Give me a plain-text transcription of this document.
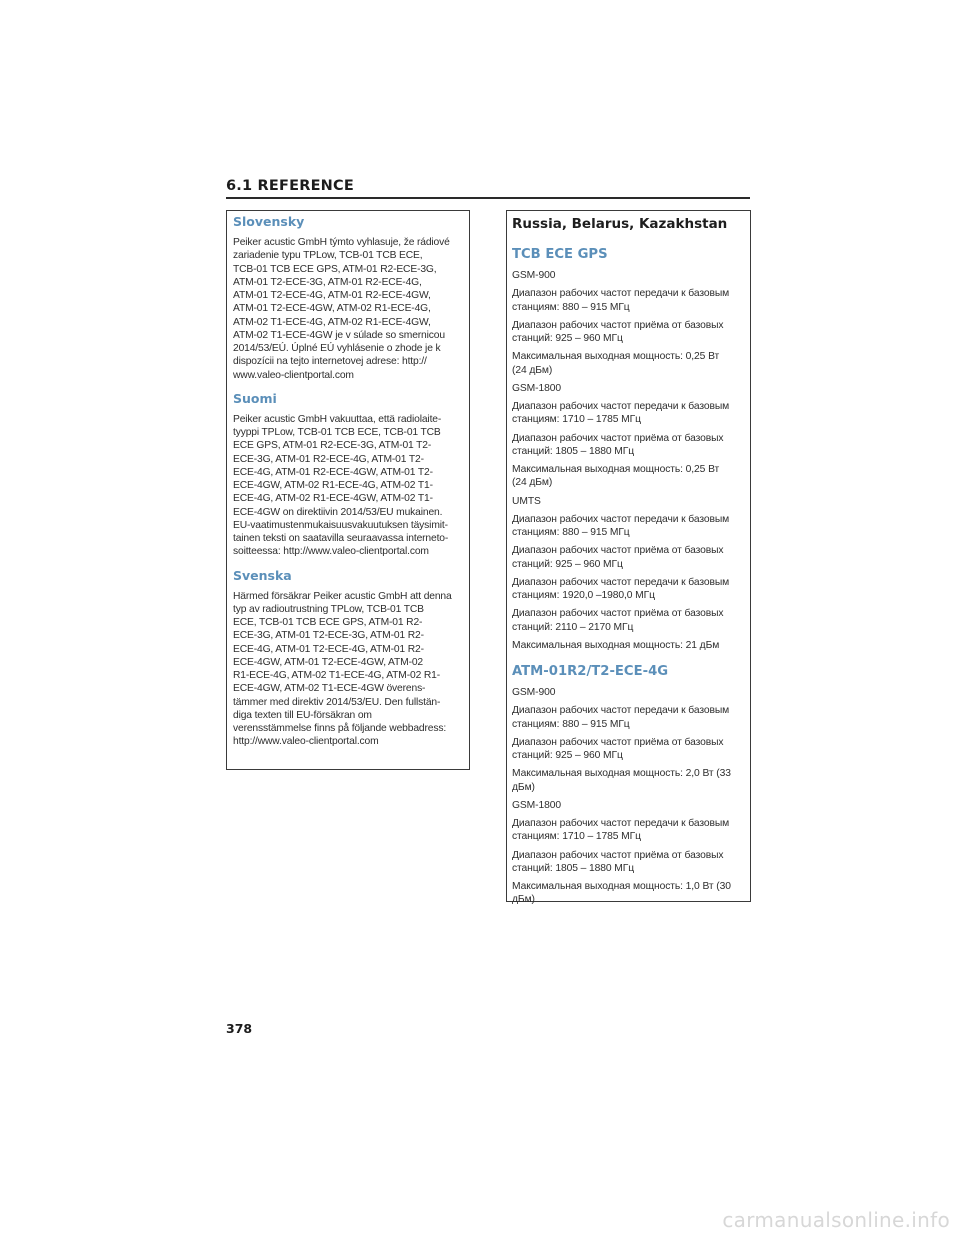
6.1 REFERENCE
Slovensky

Peiker acustic GmbH týmto vyhlasuje, že rádiové
zariadenie typu TPLow, TCB-01 TCB ECE,
TCB-01 TCB ECE GPS, ATM-01 R2-ECE-3G,
ATM-01 T2-ECE-3G, ATM-01 R2-ECE-4G,
ATM-01 T2-ECE-4G, ATM-01 R2-ECE-4GW,
ATM-01 T2-ECE-4GW, ATM-02 R1-ECE-4G,
ATM-02 T1-ECE-4G, ATM-02 R1-ECE-4GW,
ATM-02 T1-ECE-4GW je v súlade so smernicou
2014/53/EÚ. Úplné EÚ vyhlásenie o zhode je k
dispozícii na tejto internetovej adrese: http://
www.valeo-clientportal.com

Suomi

Peiker acustic GmbH vakuuttaa, että radiolaite-
tyyppi TPLow, TCB-01 TCB ECE, TCB-01 TCB
ECE GPS, ATM-01 R2-ECE-3G, ATM-01 T2-
ECE-3G, ATM-01 R2-ECE-4G, ATM-01 T2-
ECE-4G, ATM-01 R2-ECE-4GW, ATM-01 T2-
ECE-4GW, ATM-02 R1-ECE-4G, ATM-02 T1-
ECE-4G, ATM-02 R1-ECE-4GW, ATM-02 T1-
ECE-4GW on direktiivin 2014/53/EU mukainen.
EU-vaatimustenmukaisuusvakuutuksen täysimit-
tainen teksti on saatavilla seuraavassa internetо-
soitteessa: http://www.valeo-clientportal.com

Svenska

Härmed försäkrar Peiker acustic GmbH att denna
typ av radioutrustning TPLow, TCB-01 TCB
ECE, TCB-01 TCB ECE GPS, ATM-01 R2-
ECE-3G, ATM-01 T2-ECE-3G, ATM-01 R2-
ECE-4G, ATM-01 T2-ECE-4G, ATM-01 R2-
ECE-4GW, ATM-01 T2-ECE-4GW, ATM-02
R1-ECE-4G, ATM-02 T1-ECE-4G, ATM-02 R1-
ECE-4GW, ATM-02 T1-ECE-4GW överens-
tämmer med direktiv 2014/53/EU. Den fullstän-
diga texten till EU-försäkran om
verensstämmelse finns på följande webbadress:
http://www.valeo-clientportal.com

Russia, Belarus, Kazakhstan
TCB ECE GPS

GSM-900

Диапазон рабочих частот передачи к базовым
станциям: 880 – 915 МГц

Диапазон рабочих частот приёма от базовых
станций: 925 – 960 МГц

Максимальная выходная мощность: 0,25 Вт
(24 дБм)

GSM-1800

Диапазон рабочих частот передачи к базовым
станциям: 1710 – 1785 МГц

Диапазон рабочих частот приёма от базовых
станций: 1805 – 1880 МГц

Максимальная выходная мощность: 0,25 Вт
(24 дБм)

UMTS

Диапазон рабочих частот передачи к базовым
станциям: 880 – 915 МГц

Диапазон рабочих частот приёма от базовых
станций: 925 – 960 МГц

Диапазон рабочих частот передачи к базовым
станциям: 1920,0 –1980,0 МГц

Диапазон рабочих частот приёма от базовых
станций: 2110 – 2170 МГц

Максимальная выходная мощность: 21 дБм

ATM-01R2/T2-ECE-4G

GSM-900

Диапазон рабочих частот передачи к базовым
станциям: 880 – 915 МГц

Диапазон рабочих частот приёма от базовых
станций: 925 – 960 МГц

Максимальная выходная мощность: 2,0 Вт (33
дБм)

GSM-1800

Диапазон рабочих частот передачи к базовым
станциям: 1710 – 1785 МГц

Диапазон рабочих частот приёма от базовых
станций: 1805 – 1880 МГц

Максимальная выходная мощность: 1,0 Вт (30
дБм)

378
carmanualsonline.info
